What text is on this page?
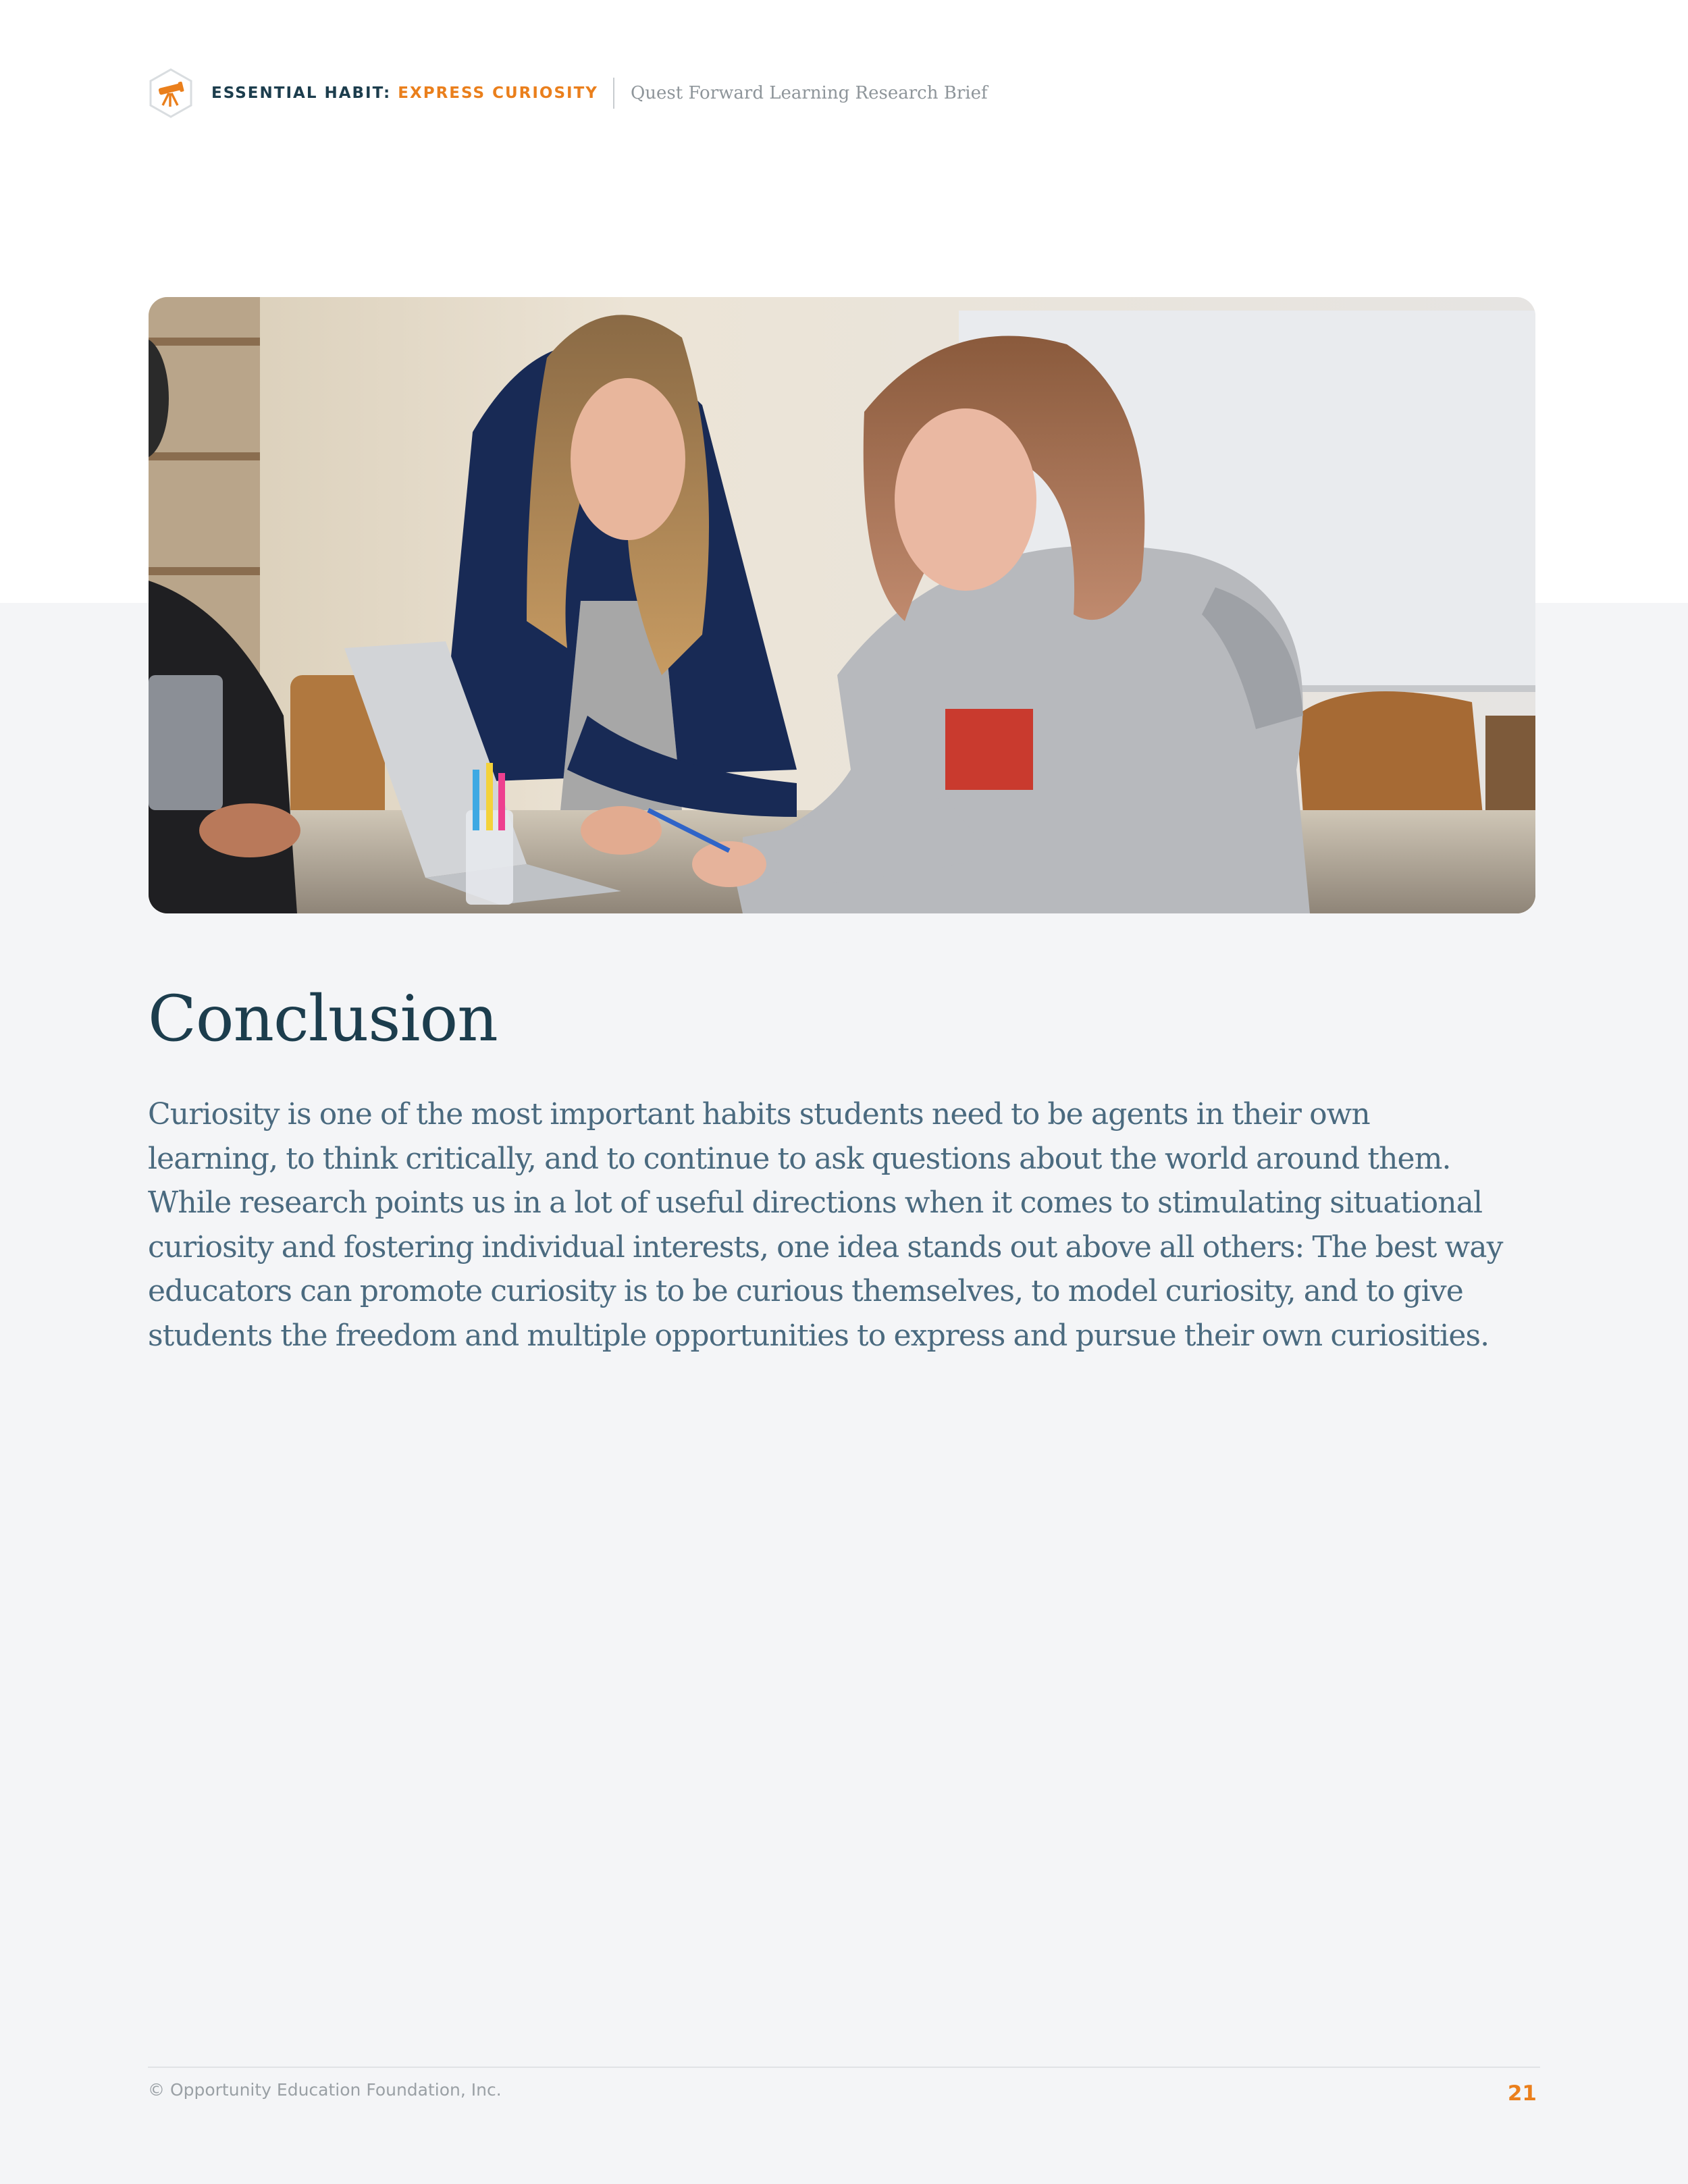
ESSENTIAL HABIT: EXPRESS CURIOSITY Quest Forward Learning Research Brief
Conclusion

Curiosity is one of the most important habits students need to be agents in their own learning, to think critically, and to continue to ask questions about the world around them. While research points us in a lot of useful directions when it comes to stimulating situational curiosity and fostering individual interests, one idea stands out above all others: The best way educators can promote curiosity is to be curious themselves, to model curiosity, and to give students the freedom and multiple opportunities to express and pursue their own curiosities.

© Opportunity Education Foundation, Inc.	21
